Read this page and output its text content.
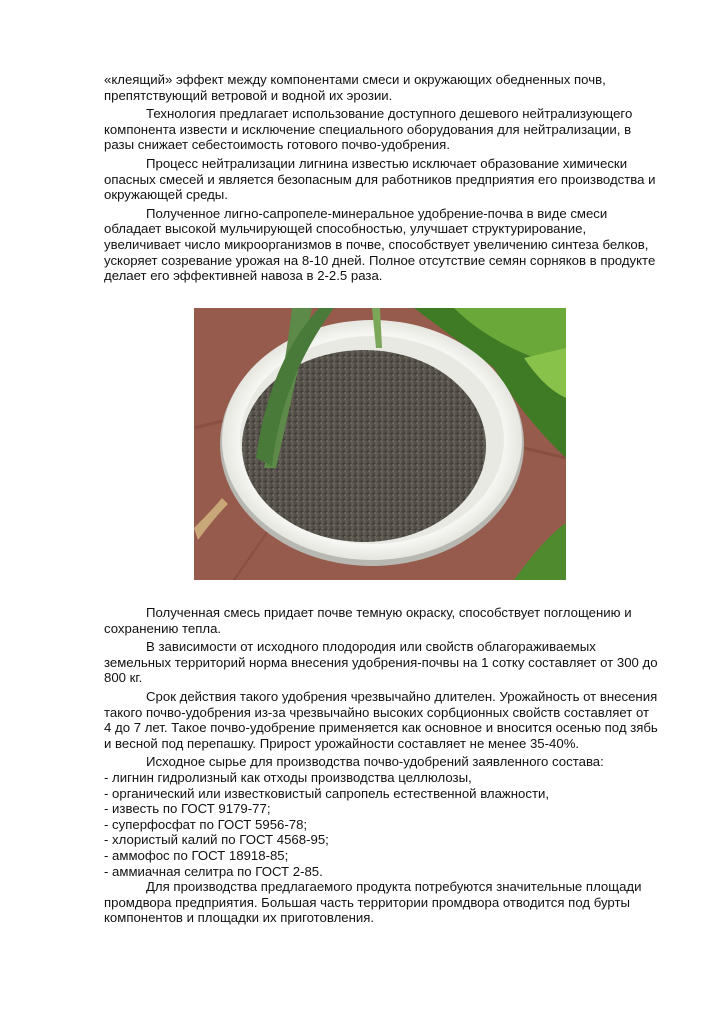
«клеящий» эффект между компонентами смеси и окружающих обедненных почв, препятствующий ветровой и водной их эрозии.

Технология предлагает использование доступного дешевого нейтрализующего компонента извести и исключение специального оборудования для нейтрализации, в разы снижает себестоимость готового почво-удобрения.

Процесс нейтрализации лигнина известью исключает образование химически опасных смесей и является безопасным для работников предприятия его производства и окружающей среды.

Полученное лигно-сапропеле-минеральное удобрение-почва в виде смеси обладает высокой мульчирующей способностью, улучшает структурирование, увеличивает число микроорганизмов в почве, способствует увеличению синтеза белков, ускоряет созревание урожая на 8-10 дней. Полное отсутствие семян сорняков в продукте делает его эффективней навоза в 2-2.5 раза.

Полученная смесь придает почве темную окраску, способствует поглощению и сохранению тепла.

В зависимости от исходного плодородия или свойств облагораживаемых земельных территорий норма внесения удобрения-почвы на 1 сотку составляет от 300 до 800 кг.

Срок действия такого удобрения чрезвычайно длителен. Урожайность от внесения такого почво-удобрения из-за чрезвычайно высоких сорбционных свойств составляет от 4 до 7 лет. Такое почво-удобрение применяется как основное и вносится осенью под зябь и весной под перепашку. Прирост урожайности составляет не менее 35-40%.

Исходное сырье для производства почво-удобрений заявленного состава:

- лигнин гидролизный как отходы производства целлюлозы,
- органический или известковистый сапропель естественной влажности,
- известь по ГОСТ 9179-77;
- суперфосфат по ГОСТ 5956-78;
- хлористый калий по ГОСТ 4568-95;
- аммофос по ГОСТ 18918-85;
- аммиачная селитра по ГОСТ 2-85.

Для производства предлагаемого продукта потребуются значительные площади промдвора предприятия. Большая часть территории промдвора отводится под бурты компонентов и площадки их приготовления.
